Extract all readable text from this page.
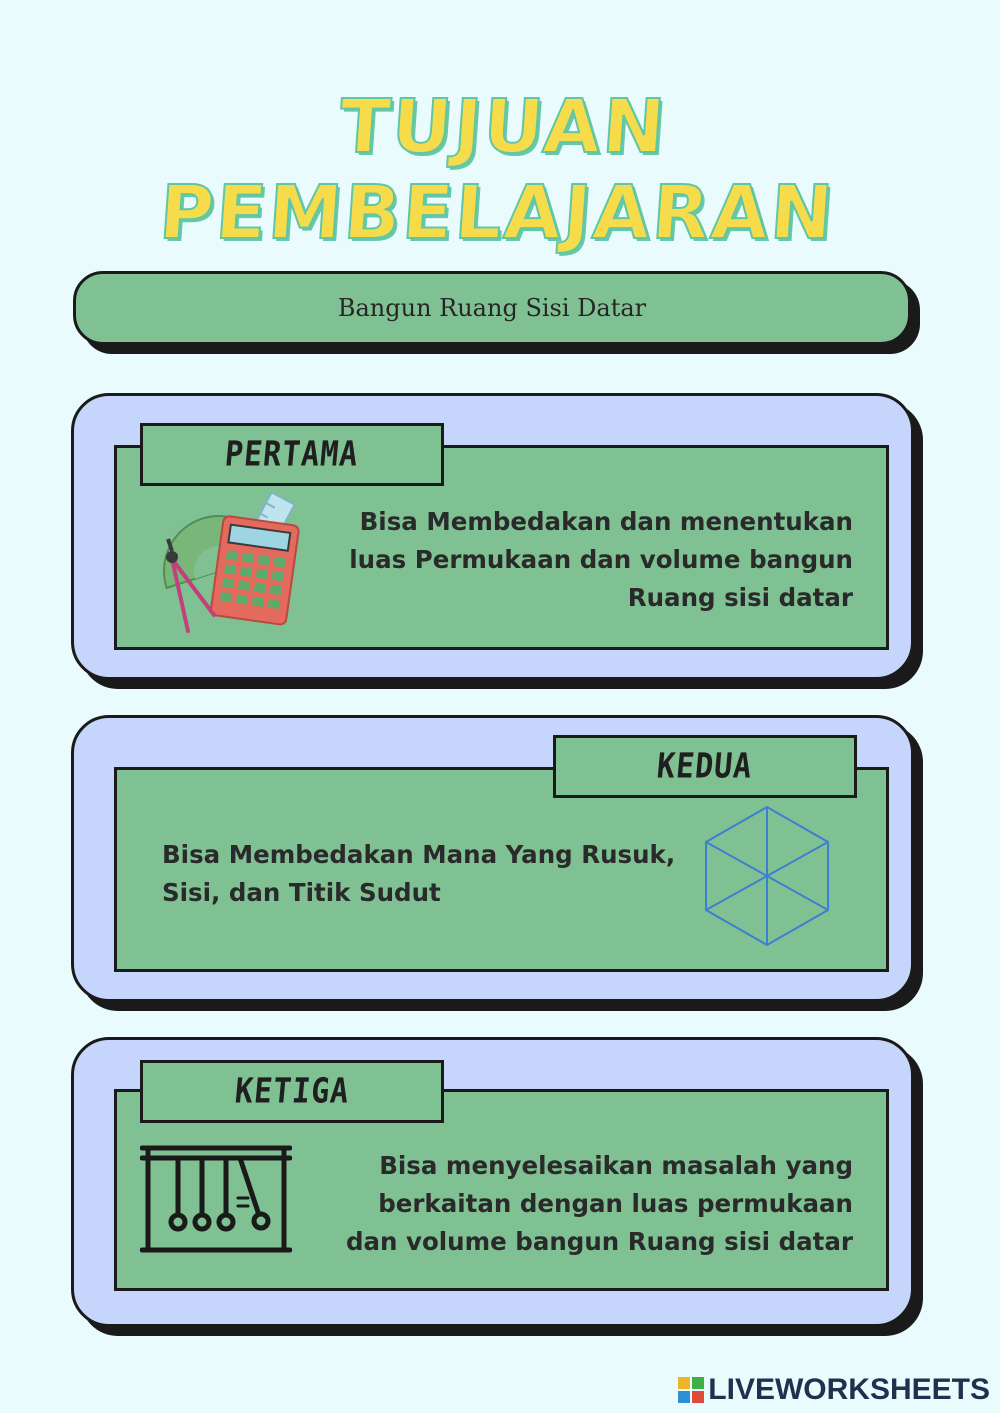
TUJUAN PEMBELAJARAN
Bangun Ruang Sisi Datar
PERTAMA
Bisa Membedakan dan menentukan
luas Permukaan dan volume bangun
Ruang sisi datar
KEDUA
Bisa Membedakan Mana Yang Rusuk,
Sisi, dan Titik Sudut
KETIGA
Bisa menyelesaikan masalah yang
berkaitan dengan luas permukaan
dan volume bangun Ruang sisi datar
LIVEWORKSHEETS
